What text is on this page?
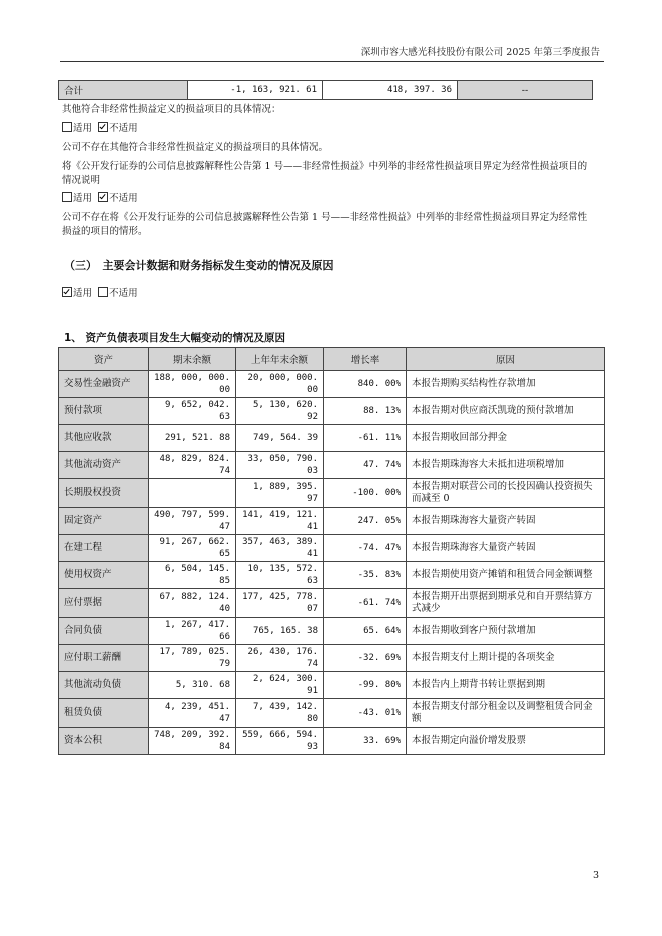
深圳市容大感光科技股份有限公司 2025 年第三季度报告
合计	-1, 163, 921. 61	418, 397. 36	--
其他符合非经常性损益定义的损益项目的具体情况：
适用 不适用
公司不存在其他符合非经常性损益定义的损益项目的具体情况。
将《公开发行证券的公司信息披露解释性公告第 1 号——非经常性损益》中列举的非经常性损益项目界定为经常性损益项目的情况说明
适用 不适用
公司不存在将《公开发行证券的公司信息披露解释性公告第 1 号——非经常性损益》中列举的非经常性损益项目界定为经常性损益的项目的情形。
（三）　主要会计数据和财务指标发生变动的情况及原因
适用 不适用
1、 资产负债表项目发生大幅变动的情况及原因
资产	期末余额	上年年末余额	增长率	原因
交易性金融资产	188, 000, 000. 00	20, 000, 000. 00	840. 00%	本报告期购买结构性存款增加
预付款项	9, 652, 042. 63	5, 130, 620. 92	88. 13%	本报告期对供应商沃凯珑的预付款增加
其他应收款	291, 521. 88	749, 564. 39	-61. 11%	本报告期收回部分押金
其他流动资产	48, 829, 824. 74	33, 050, 790. 03	47. 74%	本报告期珠海容大未抵扣进项税增加
长期股权投资		1, 889, 395. 97	-100. 00%	本报告期对联营公司的长投因确认投资损失而减至 0
固定资产	490, 797, 599. 47	141, 419, 121. 41	247. 05%	本报告期珠海容大量资产转固
在建工程	91, 267, 662. 65	357, 463, 389. 41	-74. 47%	本报告期珠海容大量资产转固
使用权资产	6, 504, 145. 85	10, 135, 572. 63	-35. 83%	本报告期使用资产摊销和租赁合同金额调整
应付票据	67, 882, 124. 40	177, 425, 778. 07	-61. 74%	本报告期开出票据到期承兑和自开票结算方式减少
合同负债	1, 267, 417. 66	765, 165. 38	65. 64%	本报告期收到客户预付款增加
应付职工薪酬	17, 789, 025. 79	26, 430, 176. 74	-32. 69%	本报告期支付上期计提的各项奖金
其他流动负债	5, 310. 68	2, 624, 300. 91	-99. 80%	本报告内上期背书转让票据到期
租赁负债	4, 239, 451. 47	7, 439, 142. 80	-43. 01%	本报告期支付部分租金以及调整租赁合同金额
资本公积	748, 209, 392. 84	559, 666, 594. 93	33. 69%	本报告期定向溢价增发股票
3
